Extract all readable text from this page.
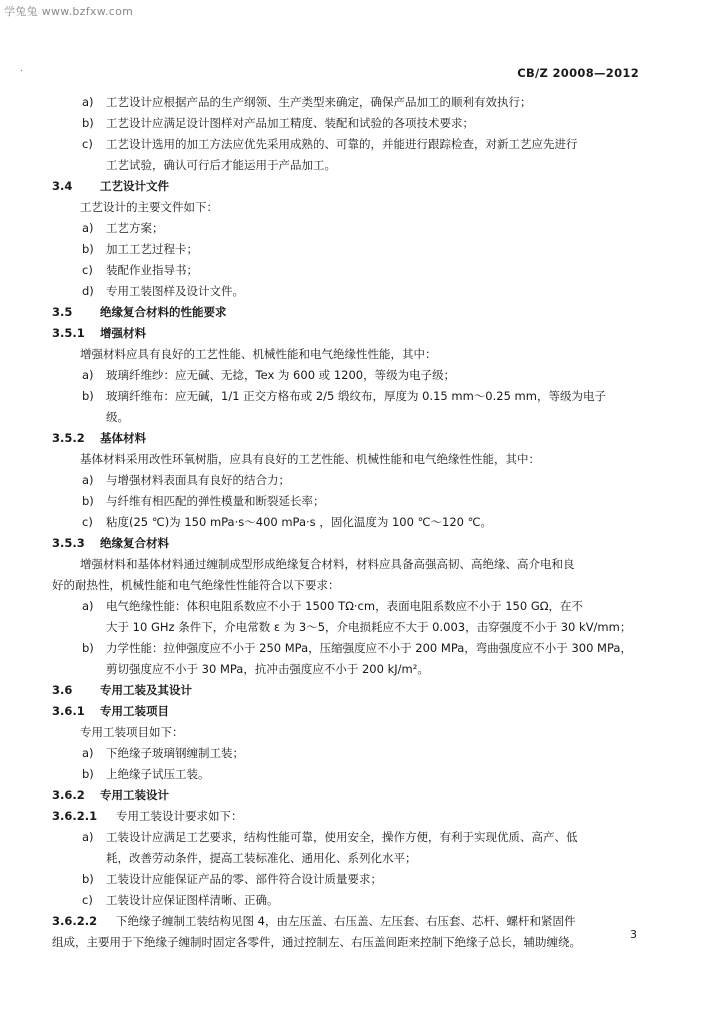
学兔兔 www.bzfxw.com
·	CB/Z 20008—2012
a) 工艺设计应根据产品的生产纲领、生产类型来确定，确保产品加工的顺利有效执行；
b) 工艺设计应满足设计图样对产品加工精度、装配和试验的各项技术要求；
c) 工艺设计选用的加工方法应优先采用成熟的、可靠的，并能进行跟踪检查，对新工艺应先进行
工艺试验，确认可行后才能运用于产品加工。
3.4 工艺设计文件
工艺设计的主要文件如下：
a) 工艺方案；
b) 加工工艺过程卡；
c) 装配作业指导书；
d) 专用工装图样及设计文件。
3.5 绝缘复合材料的性能要求
3.5.1 增强材料
增强材料应具有良好的工艺性能、机械性能和电气绝缘性性能，其中：
a) 玻璃纤维纱：应无碱、无捻，Tex 为 600 或 1200，等级为电子级；
b) 玻璃纤维布：应无碱，1/1 正交方格布或 2/5 缎纹布，厚度为 0.15 mm～0.25 mm，等级为电子
级。
3.5.2 基体材料
基体材料采用改性环氧树脂，应具有良好的工艺性能、机械性能和电气绝缘性性能，其中：
a) 与增强材料表面具有良好的结合力；
b) 与纤维有相匹配的弹性模量和断裂延长率；
c) 粘度(25 ℃)为 150 mPa·s～400 mPa·s ，固化温度为 100 ℃～120 ℃。
3.5.3 绝缘复合材料
增强材料和基体材料通过缠制成型形成绝缘复合材料，材料应具备高强高韧、高绝缘、高介电和良
好的耐热性，机械性能和电气绝缘性性能符合以下要求：
a) 电气绝缘性能：体积电阻系数应不小于 1500 TΩ·cm，表面电阻系数应不小于 150 GΩ，在不
大于 10 GHz 条件下，介电常数 ε 为 3～5，介电损耗应不大于 0.003，击穿强度不小于 30 kV/mm；
b) 力学性能：拉伸强度应不小于 250 MPa，压缩强度应不小于 200 MPa，弯曲强度应不小于 300 MPa，
剪切强度应不小于 30 MPa，抗冲击强度应不小于 200 kJ/m²。
3.6 专用工装及其设计
3.6.1 专用工装项目
专用工装项目如下：
a) 下绝缘子玻璃钢缠制工装；
b) 上绝缘子试压工装。
3.6.2 专用工装设计
3.6.2.1 专用工装设计要求如下：
a) 工装设计应满足工艺要求，结构性能可靠，使用安全，操作方便，有利于实现优质、高产、低
耗，改善劳动条件，提高工装标准化、通用化、系列化水平；
b) 工装设计应能保证产品的零、部件符合设计质量要求；
c) 工装设计应保证图样清晰、正确。
3.6.2.2 下绝缘子缠制工装结构见图 4，由左压盖、右压盖、左压套、右压套、芯杆、螺杆和紧固件
组成，主要用于下绝缘子缠制时固定各零件，通过控制左、右压盖间距来控制下绝缘子总长，辅助缠绕。
3
